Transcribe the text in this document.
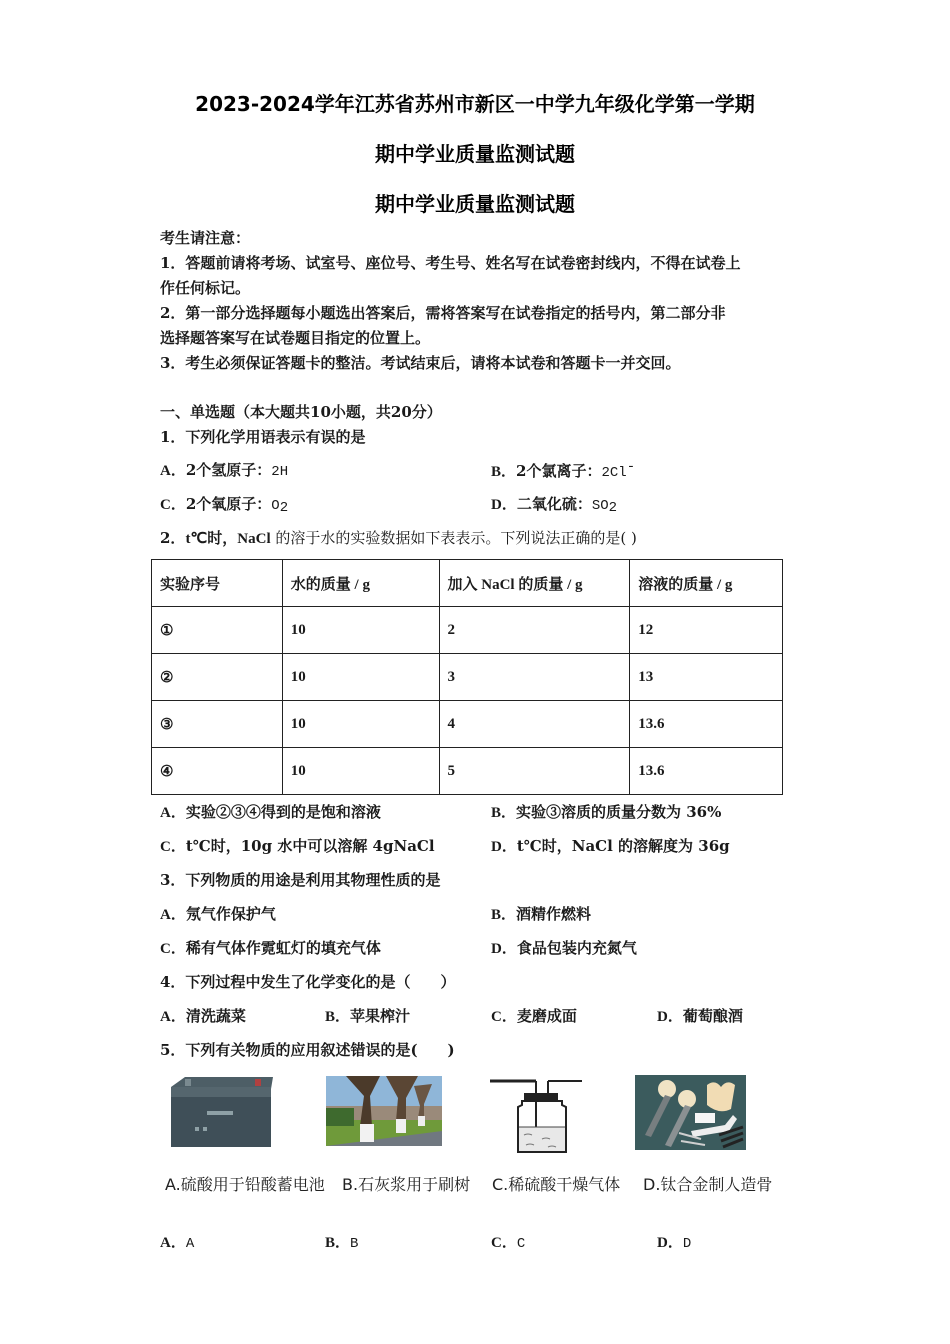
2023-2024学年江苏省苏州市新区一中学九年级化学第一学期
期中学业质量监测试题
期中学业质量监测试题
考生请注意：
1．答题前请将考场、试室号、座位号、考生号、姓名写在试卷密封线内，不得在试卷上
作任何标记。
2．第一部分选择题每小题选出答案后，需将答案写在试卷指定的括号内，第二部分非
选择题答案写在试卷题目指定的位置上。
3．考生必须保证答题卡的整洁。考试结束后，请将本试卷和答题卡一并交回。
一、单选题（本大题共10小题，共20分）
1．下列化学用语表示有误的是
A．2个氢原子：2H	B．2个氯离子：2Cl-
C．2个氧原子：$O_2$	D．二氧化硫：$SO_2$
2．t℃时，NaCl 的溶于水的实验数据如下表表示。下列说法正确的是( )
实验序号	水的质量 / g	加入 NaCl 的质量 / g	溶液的质量 / g
①	10	2	12
②	10	3	13
③	10	4	13.6
④	10	5	13.6
A．实验②③④得到的是饱和溶液	B．实验③溶质的质量分数为 36%
C．t℃时，10g 水中可以溶解 4gNaCl	D．t℃时，NaCl 的溶解度为 36g
3．下列物质的用途是利用其物理性质的是
A．氖气作保护气	B．酒精作燃料
C．稀有气体作霓虹灯的填充气体	D．食品包装内充氮气
4．下列过程中发生了化学变化的是（　　）
A．清洗蔬菜	B．苹果榨汁	C．麦磨成面	D．葡萄酿酒
5．下列有关物质的应用叙述错误的是(　　)
A.硫酸用于铅酸蓄电池 B.石灰浆用于刷树 C.稀硫酸干燥气体 D.钛合金制人造骨
A．A	B．B	C．C	D．D
